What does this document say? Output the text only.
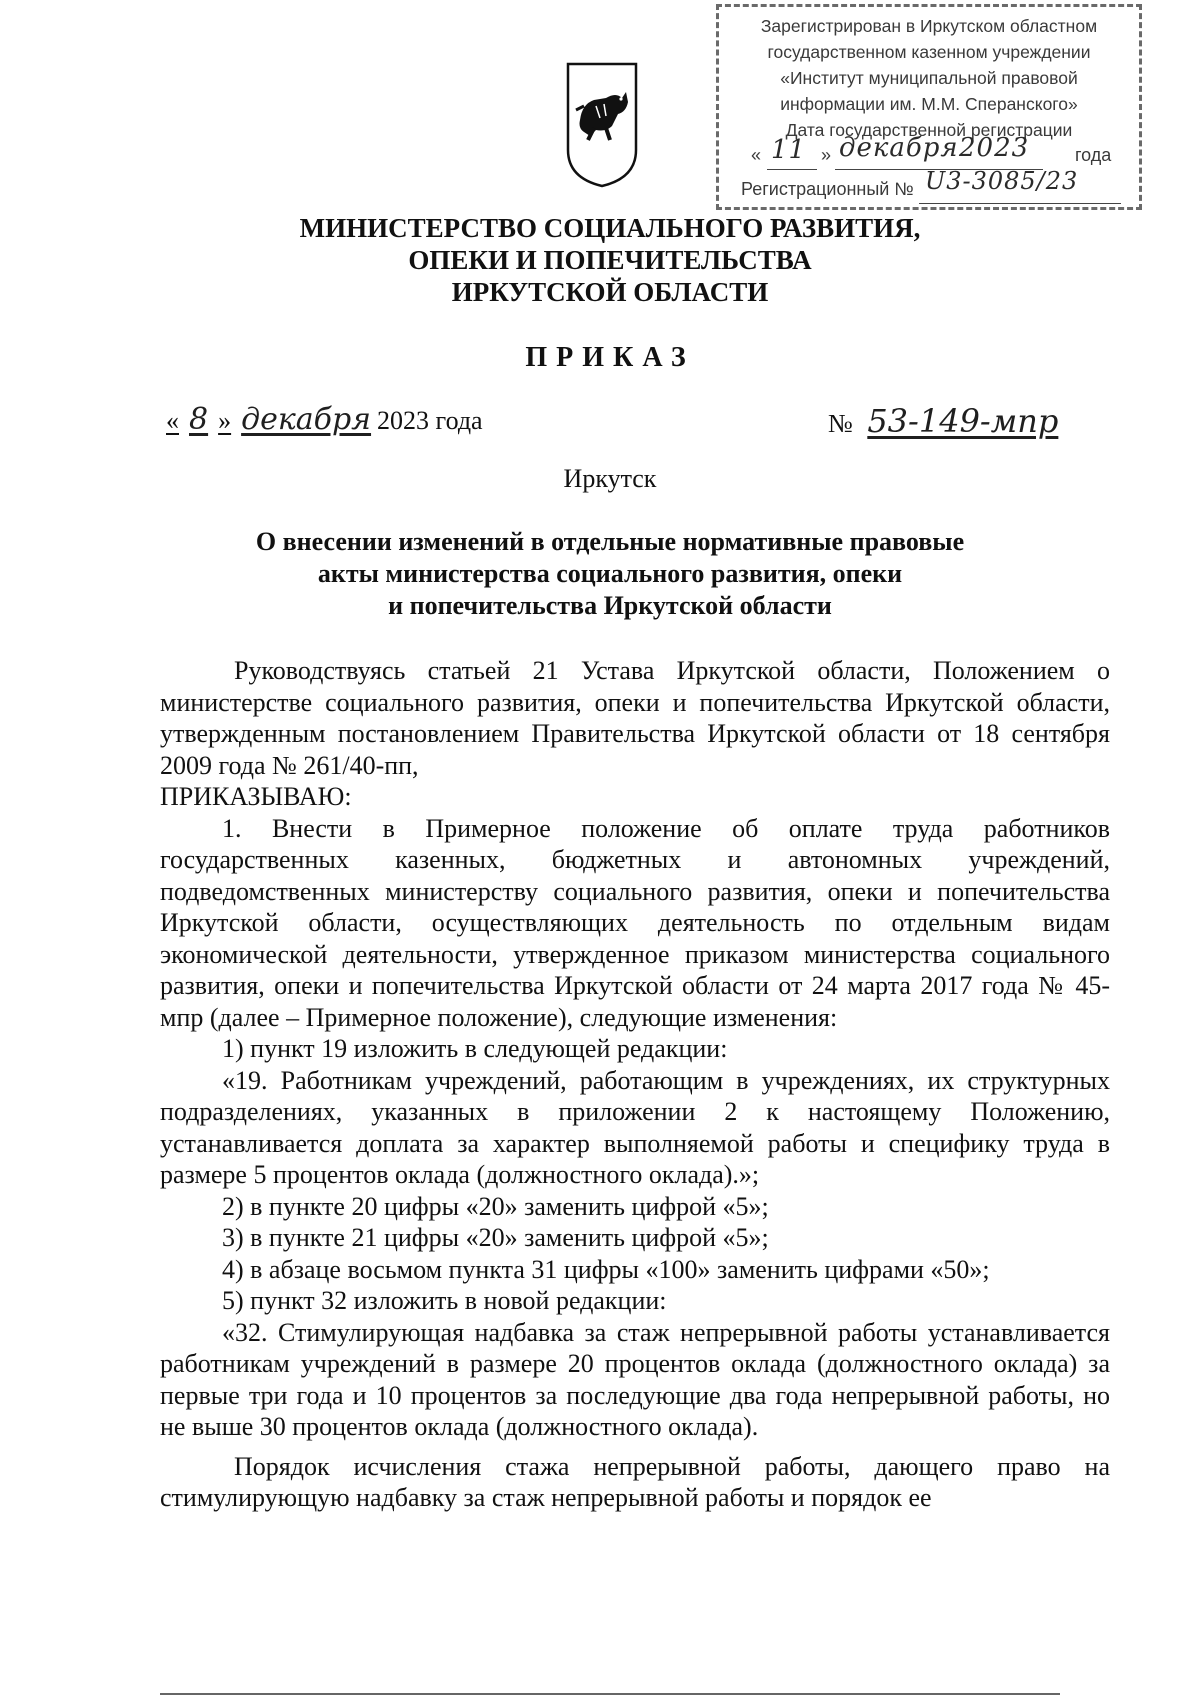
Зарегистрирован в Иркутском областном
государственном казенном учреждении
«Институт муниципальной правовой
информации им. М.М. Сперанского»
Дата государственной регистрации
« 11 » декабря 2023	года
Регистрационный № U3-3085/23
МИНИСТЕРСТВО СОЦИАЛЬНОГО РАЗВИТИЯ,
ОПЕКИ И ПОПЕЧИТЕЛЬСТВА
ИРКУТСКОЙ ОБЛАСТИ
ПРИКАЗ
« 8 » декабря 2023 года	№ 53-149-мпр
Иркутск
О внесении изменений в отдельные нормативные правовые
акты министерства социального развития, опеки
и попечительства Иркутской области

Руководствуясь статьей 21 Устава Иркутской области, Положением о министерстве социального развития, опеки и попечительства Иркутской области, утвержденным постановлением Правительства Иркутской области от 18 сентября 2009 года № 261/40-пп,

ПРИКАЗЫВАЮ:

1. Внести в Примерное положение об оплате труда работников государственных казенных, бюджетных и автономных учреждений, подведомственных министерству социального развития, опеки и попечительства Иркутской области, осуществляющих деятельность по отдельным видам экономической деятельности, утвержденное приказом министерства социального развития, опеки и попечительства Иркутской области от 24 марта 2017 года № 45-мпр (далее – Примерное положение), следующие изменения:

1) пункт 19 изложить в следующей редакции:

«19. Работникам учреждений, работающим в учреждениях, их структурных подразделениях, указанных в приложении 2 к настоящему Положению, устанавливается доплата за характер выполняемой работы и специфику труда в размере 5 процентов оклада (должностного оклада).»;

2) в пункте 20 цифры «20» заменить цифрой «5»;

3) в пункте 21 цифры «20» заменить цифрой «5»;

4) в абзаце восьмом пункта 31 цифры «100» заменить цифрами «50»;

5) пункт 32 изложить в новой редакции:

«32. Стимулирующая надбавка за стаж непрерывной работы устанавливается работникам учреждений в размере 20 процентов оклада (должностного оклада) за первые три года и 10 процентов за последующие два года непрерывной работы, но не выше 30 процентов оклада (должностного оклада).

Порядок исчисления стажа непрерывной работы, дающего право на стимулирующую надбавку за стаж непрерывной работы и порядок ее
